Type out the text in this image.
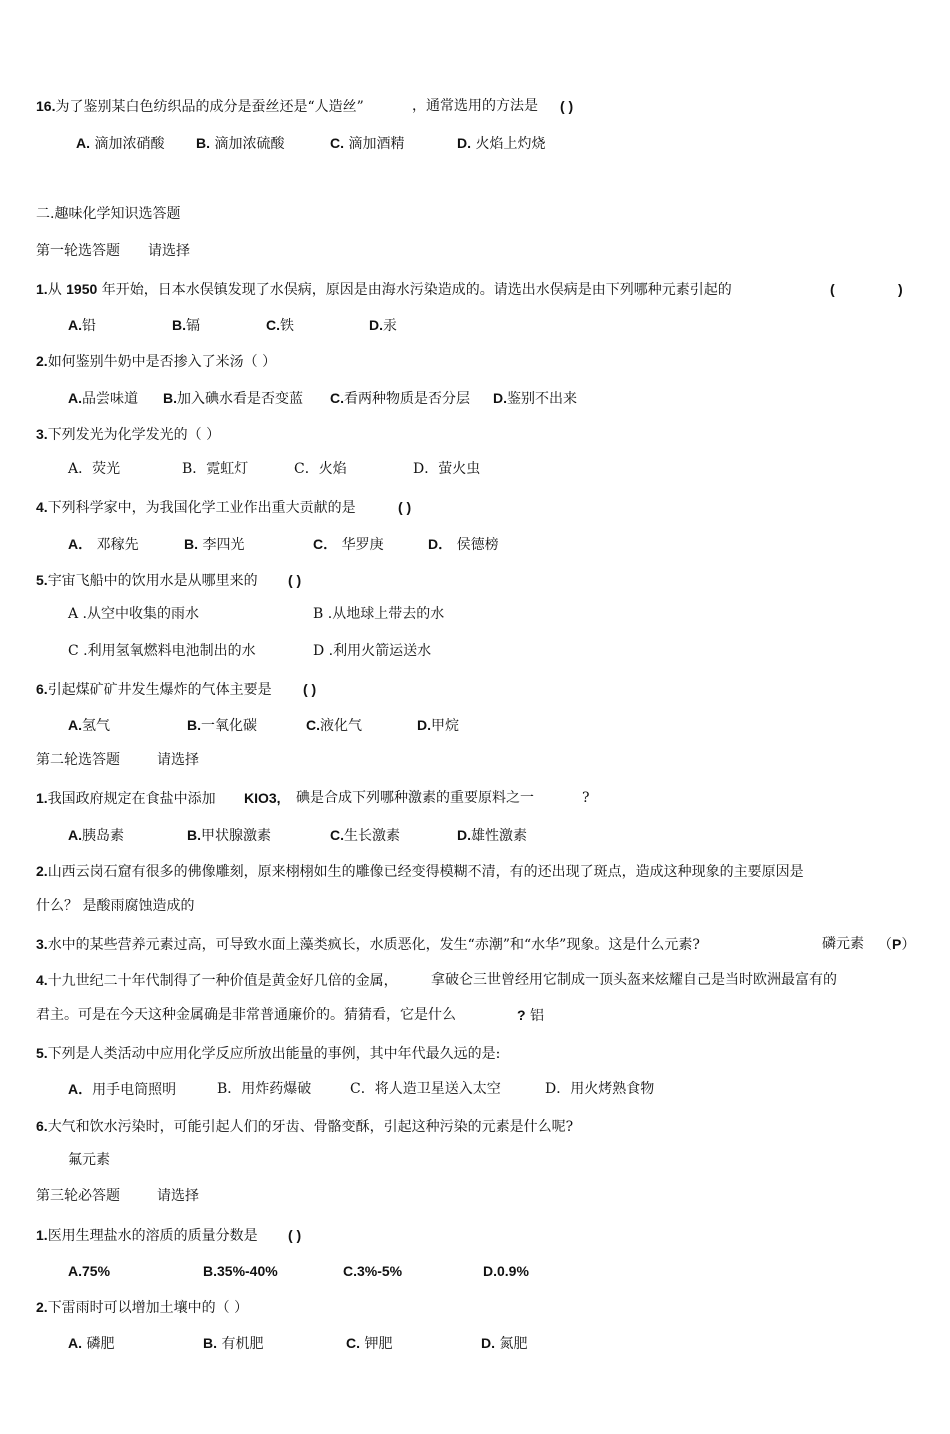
16.为了鉴别某白色纺织品的成分是蚕丝还是“人造丝”	，通常选用的方法是 ( )
A. 滴加浓硝酸 B. 滴加浓硫酸	C. 滴加酒精	D. 火焰上灼烧
二.趣味化学知识选答题
第一轮选答题 请选择
1.从 1950 年开始，日本水俣镇发现了水俣病，原因是由海水污染造成的。请选出水俣病是由下列哪种元素引起的	(	)
A.铅	B.镉	C.铁	D.汞
2.如何鉴别牛奶中是否掺入了米汤（ ）
A.品尝味道 B.加入碘水看是否变蓝 C.看两种物质是否分层 D.鉴别不出来
3.下列发光为化学发光的（ ）
A．荧光	B．霓虹灯	C．火焰	D．萤火虫
4.下列科学家中，为我国化学工业作出重大贡献的是	( )
A． 邓稼先	B. 李四光	C． 华罗庚	D． 侯德榜
5.宇宙飞船中的饮用水是从哪里来的 ( )
A .从空中收集的雨水	B .从地球上带去的水
C .利用氢氧燃料电池制出的水	D .利用火箭运送水
6.引起煤矿矿井发生爆炸的气体主要是 ( )
A.氢气	B.一氧化碳	C.液化气	D.甲烷
第二轮选答题	请选择
1.我国政府规定在食盐中添加 KIO3, 碘是合成下列哪种激素的重要原料之一	?
A.胰岛素	B.甲状腺激素	C.生长激素	D.雄性激素
2.山西云岗石窟有很多的佛像雕刻，原来栩栩如生的雕像已经变得模糊不清，有的还出现了斑点，造成这种现象的主要原因是
什么？ 是酸雨腐蚀造成的
3.水中的某些营养元素过高，可导致水面上藻类疯长，水质恶化，发生“赤潮”和“水华”现象。这是什么元素?	磷元素 （P）
4.十九世纪二十年代制得了一种价值是黄金好几倍的金属， 拿破仑三世曾经用它制成一顶头盔来炫耀自己是当时欧洲最富有的
君主。可是在今天这种金属确是非常普通廉价的。猜猜看，它是什么	? 铝
5.下列是人类活动中应用化学反应所放出能量的事例，其中年代最久远的是:
A．用手电筒照明	B．用炸药爆破	C．将人造卫星送入太空	D．用火烤熟食物
6.大气和饮水污染时，可能引起人们的牙齿、骨骼变酥，引起这种污染的元素是什么呢?
氟元素
第三轮必答题	请选择
1.医用生理盐水的溶质的质量分数是 ( )
A.75%	B.35%-40%	C.3%-5%	D.0.9%
2.下雷雨时可以增加土壤中的（ ）
A. 磷肥	B. 有机肥	C. 钾肥	D. 氮肥
